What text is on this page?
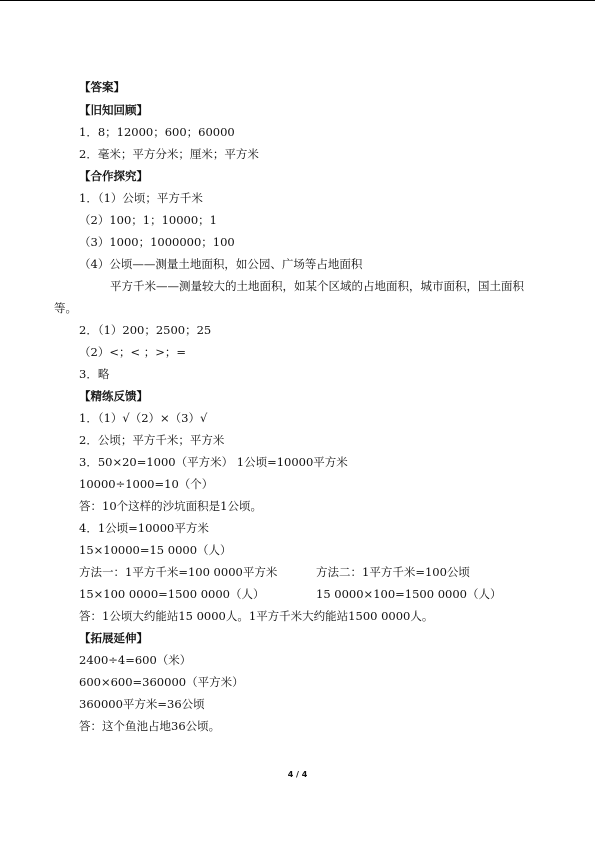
【答案】
【旧知回顾】
1．8；12000；600；60000
2．毫米；平方分米；厘米；平方米
【合作探究】
1．（1）公顷；平方千米
（2）100；1；10000；1
（3）1000；1000000；100
（4）公顷——测量土地面积，如公园、广场等占地面积
平方千米——测量较大的土地面积，如某个区域的占地面积，城市面积，国土面积
等。
2．（1）200；2500；25
（2）<；< ；>；=
3．略
【精练反馈】
1．（1）√（2）×（3）√
2．公顷；平方千米；平方米
3．50×20=1000（平方米） 1公顷=10000平方米
10000÷1000=10（个）
答：10个这样的沙坑面积是1公顷。
4．1公顷=10000平方米
15×10000=15 0000（人）
方法一：1平方千米=100 0000平方米	方法二：1平方千米=100公顷
15×100 0000=1500 0000（人）	15 0000×100=1500 0000（人）
答：1公顷大约能站15 0000人。1平方千米大约能站1500 0000人。
【拓展延伸】
2400÷4=600（米）
600×600=360000（平方米）
360000平方米=36公顷
答：这个鱼池占地36公顷。
4 / 4
